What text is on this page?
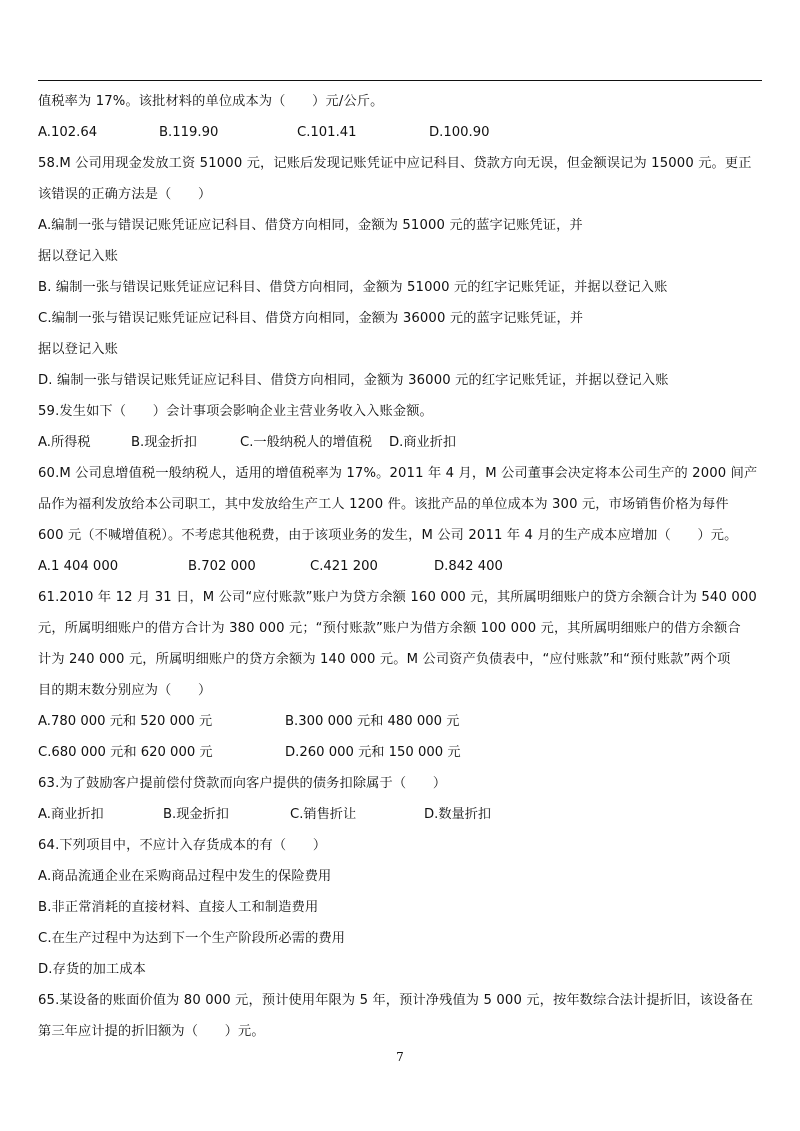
值税率为 17%。该批材料的单位成本为（　　）元/公斤。
A.102.64	B.119.90	C.101.41	D.100.90
58.M 公司用现金发放工资 51000 元，记账后发现记账凭证中应记科目、贷款方向无误，但金额误记为 15000 元。更正
该错误的正确方法是（　　）
A.编制一张与错误记账凭证应记科目、借贷方向相同，金额为 51000 元的蓝字记账凭证，并
据以登记入账
B. 编制一张与错误记账凭证应记科目、借贷方向相同，金额为 51000 元的红字记账凭证，并据以登记入账
C.编制一张与错误记账凭证应记科目、借贷方向相同，金额为 36000 元的蓝字记账凭证，并
据以登记入账
D. 编制一张与错误记账凭证应记科目、借贷方向相同，金额为 36000 元的红字记账凭证，并据以登记入账
59.发生如下（　　）会计事项会影响企业主营业务收入入账金额。
A.所得税	B.现金折扣	C.一般纳税人的增值税	D.商业折扣
60.M 公司息增值税一般纳税人，适用的增值税率为 17%。2011 年 4 月，M 公司董事会决定将本公司生产的 2000 间产
品作为福利发放给本公司职工，其中发放给生产工人 1200 件。该批产品的单位成本为 300 元，市场销售价格为每件
600 元（不喊增值税）。不考虑其他税费，由于该项业务的发生，M 公司 2011 年 4 月的生产成本应增加（　　）元。
A.1 404 000	B.702 000	C.421 200	D.842 400
61.2010 年 12 月 31 日，M 公司“应付账款”账户为贷方余额 160 000 元，其所属明细账户的贷方余额合计为 540 000
元，所属明细账户的借方合计为 380 000 元；“预付账款”账户为借方余额 100 000 元，其所属明细账户的借方余额合
计为 240 000 元，所属明细账户的贷方余额为 140 000 元。M 公司资产负债表中，“应付账款”和“预付账款”两个项
目的期末数分别应为（　　）
A.780 000 元和 520 000 元	B.300 000 元和 480 000 元
C.680 000 元和 620 000 元	D.260 000 元和 150 000 元
63.为了鼓励客户提前偿付贷款而向客户提供的债务扣除属于（　　）
A.商业折扣	B.现金折扣	C.销售折让	D.数量折扣
64.下列项目中，不应计入存货成本的有（　　）
A.商品流通企业在采购商品过程中发生的保险费用
B.非正常消耗的直接材料、直接人工和制造费用
C.在生产过程中为达到下一个生产阶段所必需的费用
D.存货的加工成本
65.某设备的账面价值为 80 000 元，预计使用年限为 5 年，预计净残值为 5 000 元，按年数综合法计提折旧，该设备在
第三年应计提的折旧额为（　　）元。
7
